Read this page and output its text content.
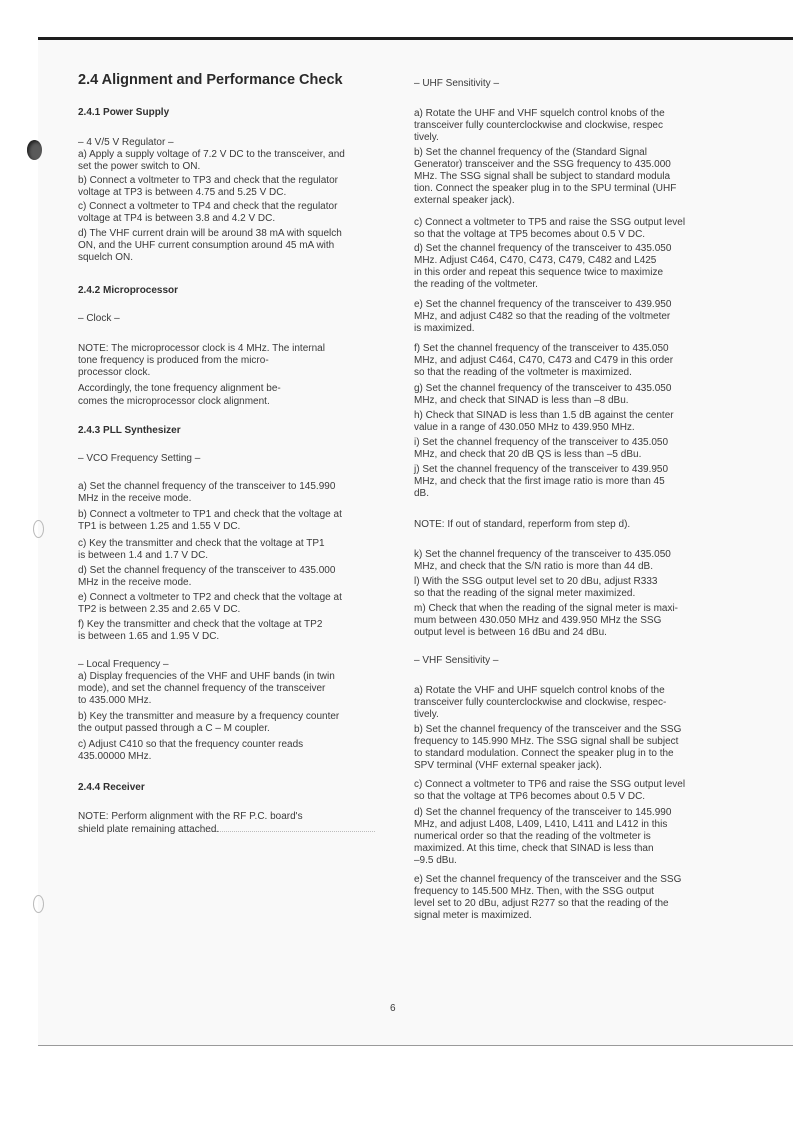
2.4 Alignment and Performance Check
2.4.1 Power Supply
– 4 V/5 V Regulator –
a) Apply a supply voltage of 7.2 V DC to the transceiver, and
set the power switch to ON.
b) Connect a voltmeter to TP3 and check that the regulator
voltage at TP3 is between 4.75 and 5.25 V DC.
c) Connect a voltmeter to TP4 and check that the regulator
voltage at TP4 is between 3.8 and 4.2 V DC.
d) The VHF current drain will be around 38 mA with squelch
ON, and the UHF current consumption around 45 mA with
squelch ON.
2.4.2 Microprocessor
– Clock –
NOTE: The microprocessor clock is 4 MHz. The internal
tone frequency is produced from the micro-
processor clock.
Accordingly, the tone frequency alignment be-
comes the microprocessor clock alignment.
2.4.3 PLL Synthesizer
– VCO Frequency Setting –
a) Set the channel frequency of the transceiver to 145.990
MHz in the receive mode.
b) Connect a voltmeter to TP1 and check that the voltage at
TP1 is between 1.25 and 1.55 V DC.
c) Key the transmitter and check that the voltage at TP1
is between 1.4 and 1.7 V DC.
d) Set the channel frequency of the transceiver to 435.000
MHz in the receive mode.
e) Connect a voltmeter to TP2 and check that the voltage at
TP2 is between 2.35 and 2.65 V DC.
f) Key the transmitter and check that the voltage at TP2
is between 1.65 and 1.95 V DC.
– Local Frequency –
a) Display frequencies of the VHF and UHF bands (in twin
mode), and set the channel frequency of the transceiver
to 435.000 MHz.
b) Key the transmitter and measure by a frequency counter
the output passed through a C – M coupler.
c) Adjust C410 so that the frequency counter reads
435.00000 MHz.
2.4.4 Receiver
NOTE: Perform alignment with the RF P.C. board's
shield plate remaining attached.
– UHF Sensitivity –
a) Rotate the UHF and VHF squelch control knobs of the
transceiver fully counterclockwise and clockwise, respec
tively.
b) Set the channel frequency of the (Standard Signal
Generator) transceiver and the SSG frequency to 435.000
MHz. The SSG signal shall be subject to standard modula
tion. Connect the speaker plug in to the SPU terminal (UHF
external speaker jack).
c) Connect a voltmeter to TP5 and raise the SSG output level
so that the voltage at TP5 becomes about 0.5 V DC.
d) Set the channel frequency of the transceiver to 435.050
MHz. Adjust C464, C470, C473, C479, C482 and L425
in this order and repeat this sequence twice to maximize
the reading of the voltmeter.
e) Set the channel frequency of the transceiver to 439.950
MHz, and adjust C482 so that the reading of the voltmeter
is maximized.
f) Set the channel frequency of the transceiver to 435.050
MHz, and adjust C464, C470, C473 and C479 in this order
so that the reading of the voltmeter is maximized.
g) Set the channel frequency of the transceiver to 435.050
MHz, and check that SINAD is less than –8 dBu.
h) Check that SINAD is less than 1.5 dB against the center
value in a range of 430.050 MHz to 439.950 MHz.
i) Set the channel frequency of the transceiver to 435.050
MHz, and check that 20 dB QS is less than –5 dBu.
j) Set the channel frequency of the transceiver to 439.950
MHz, and check that the first image ratio is more than 45
dB.
NOTE: If out of standard, reperform from step d).
k) Set the channel frequency of the transceiver to 435.050
MHz, and check that the S/N ratio is more than 44 dB.
l) With the SSG output level set to 20 dBu, adjust R333
so that the reading of the signal meter maximized.
m) Check that when the reading of the signal meter is maxi-
mum between 430.050 MHz and 439.950 MHz the SSG
output level is between 16 dBu and 24 dBu.
– VHF Sensitivity –
a) Rotate the VHF and UHF squelch control knobs of the
transceiver fully counterclockwise and clockwise, respec-
tively.
b) Set the channel frequency of the transceiver and the SSG
frequency to 145.990 MHz. The SSG signal shall be subject
to standard modulation. Connect the speaker plug in to the
SPV terminal (VHF external speaker jack).
c) Connect a voltmeter to TP6 and raise the SSG output level
so that the voltage at TP6 becomes about 0.5 V DC.
d) Set the channel frequency of the transceiver to 145.990
MHz, and adjust L408, L409, L410, L411 and L412 in this
numerical order so that the reading of the voltmeter is
maximized. At this time, check that SINAD is less than
–9.5 dBu.
e) Set the channel frequency of the transceiver and the SSG
frequency to 145.500 MHz. Then, with the SSG output
level set to 20 dBu, adjust R277 so that the reading of the
signal meter is maximized.
6
